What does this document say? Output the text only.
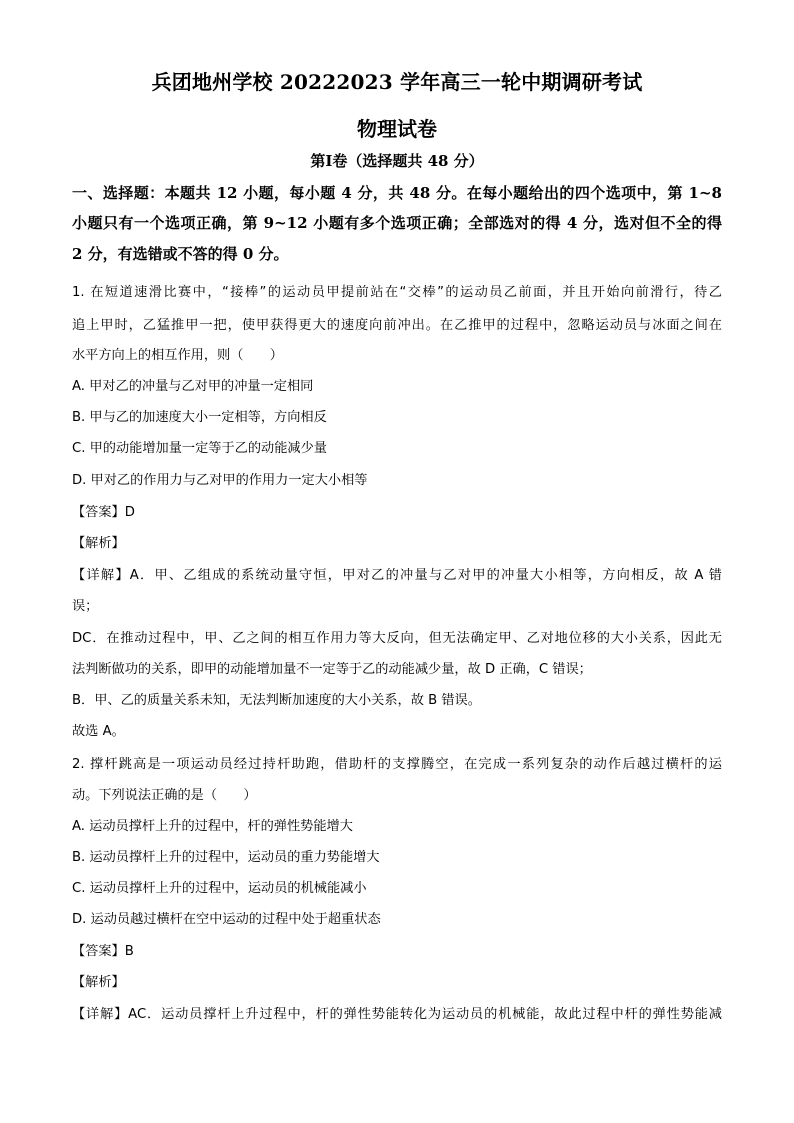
兵团地州学校 20222023 学年高三一轮中期调研考试
物理试卷
第Ⅰ卷（选择题共 48 分）
一、选择题：本题共 12 小题，每小题 4 分，共 48 分。在每小题给出的四个选项中，第 1~8
小题只有一个选项正确，第 9~12 小题有多个选项正确；全部选对的得 4 分，选对但不全的得
2 分，有选错或不答的得 0 分。
1. 在短道速滑比赛中，“接棒”的运动员甲提前站在“交棒”的运动员乙前面，并且开始向前滑行，待乙
追上甲时，乙猛推甲一把，使甲获得更大的速度向前冲出。在乙推甲的过程中，忽略运动员与冰面之间在
水平方向上的相互作用，则（　　）
A. 甲对乙的冲量与乙对甲的冲量一定相同
B. 甲与乙的加速度大小一定相等，方向相反
C. 甲的动能增加量一定等于乙的动能减少量
D. 甲对乙的作用力与乙对甲的作用力一定大小相等
【答案】D
【解析】
【详解】A．甲、乙组成的系统动量守恒，甲对乙的冲量与乙对甲的冲量大小相等，方向相反，故 A 错
误；
DC．在推动过程中，甲、乙之间的相互作用力等大反向，但无法确定甲、乙对地位移的大小关系，因此无
法判断做功的关系，即甲的动能增加量不一定等于乙的动能减少量，故 D 正确，C 错误；
B．甲、乙的质量关系未知，无法判断加速度的大小关系，故 B 错误。
故选 A。
2. 撑杆跳高是一项运动员经过持杆助跑，借助杆的支撑腾空，在完成一系列复杂的动作后越过横杆的运
动。下列说法正确的是（　　）
A. 运动员撑杆上升的过程中，杆的弹性势能增大
B. 运动员撑杆上升的过程中，运动员的重力势能增大
C. 运动员撑杆上升的过程中，运动员的机械能减小
D. 运动员越过横杆在空中运动的过程中处于超重状态
【答案】B
【解析】
【详解】AC．运动员撑杆上升过程中，杆的弹性势能转化为运动员的机械能，故此过程中杆的弹性势能减
